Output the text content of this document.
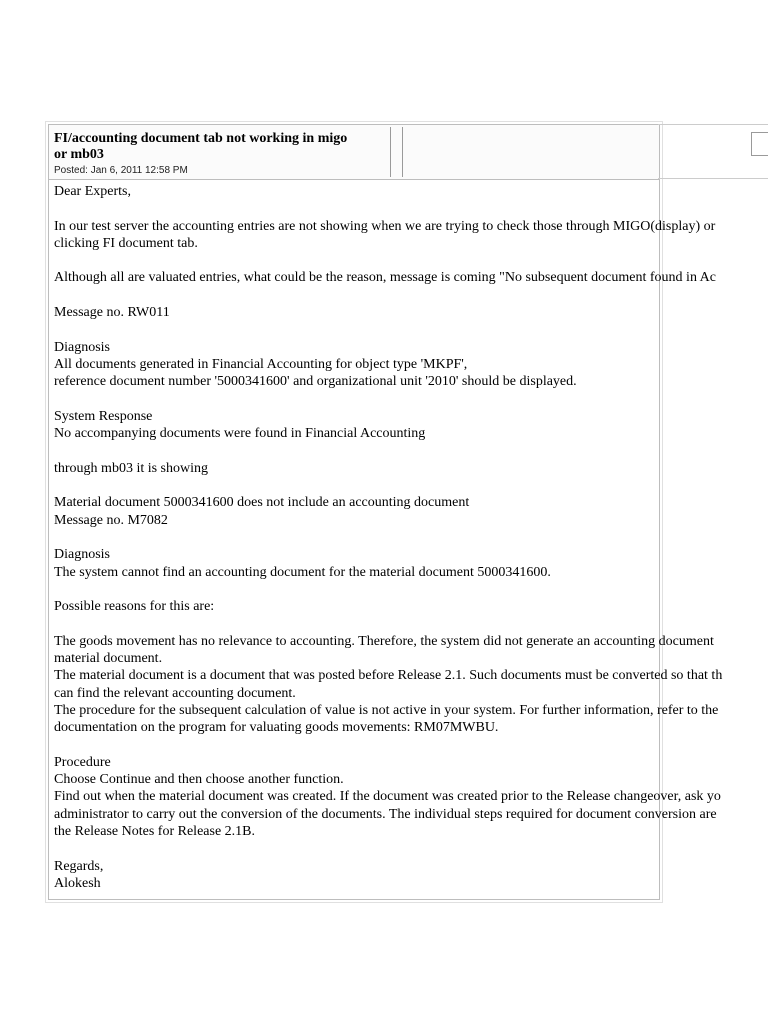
FI/accounting document tab not working in migo
or mb03
Posted: Jan 6, 2011 12:58 PM
Dear Experts,
In our test server the accounting entries are not showing when we are trying to check those through MIGO(display) or
clicking FI document tab.
Although all are valuated entries, what could be the reason, message is coming "No subsequent document found in Ac
Message no. RW011
Diagnosis
All documents generated in Financial Accounting for object type 'MKPF',
reference document number '5000341600' and organizational unit '2010' should be displayed.
System Response
No accompanying documents were found in Financial Accounting
through mb03 it is showing
Material document 5000341600 does not include an accounting document
Message no. M7082
Diagnosis
The system cannot find an accounting document for the material document 5000341600.
Possible reasons for this are:
The goods movement has no relevance to accounting. Therefore, the system did not generate an accounting document
material document.
The material document is a document that was posted before Release 2.1. Such documents must be converted so that th
can find the relevant accounting document.
The procedure for the subsequent calculation of value is not active in your system. For further information, refer to the
documentation on the program for valuating goods movements: RM07MWBU.
Procedure
Choose Continue and then choose another function.
Find out when the material document was created. If the document was created prior to the Release changeover, ask yo
administrator to carry out the conversion of the documents. The individual steps required for document conversion are
the Release Notes for Release 2.1B.
Regards,
Alokesh
